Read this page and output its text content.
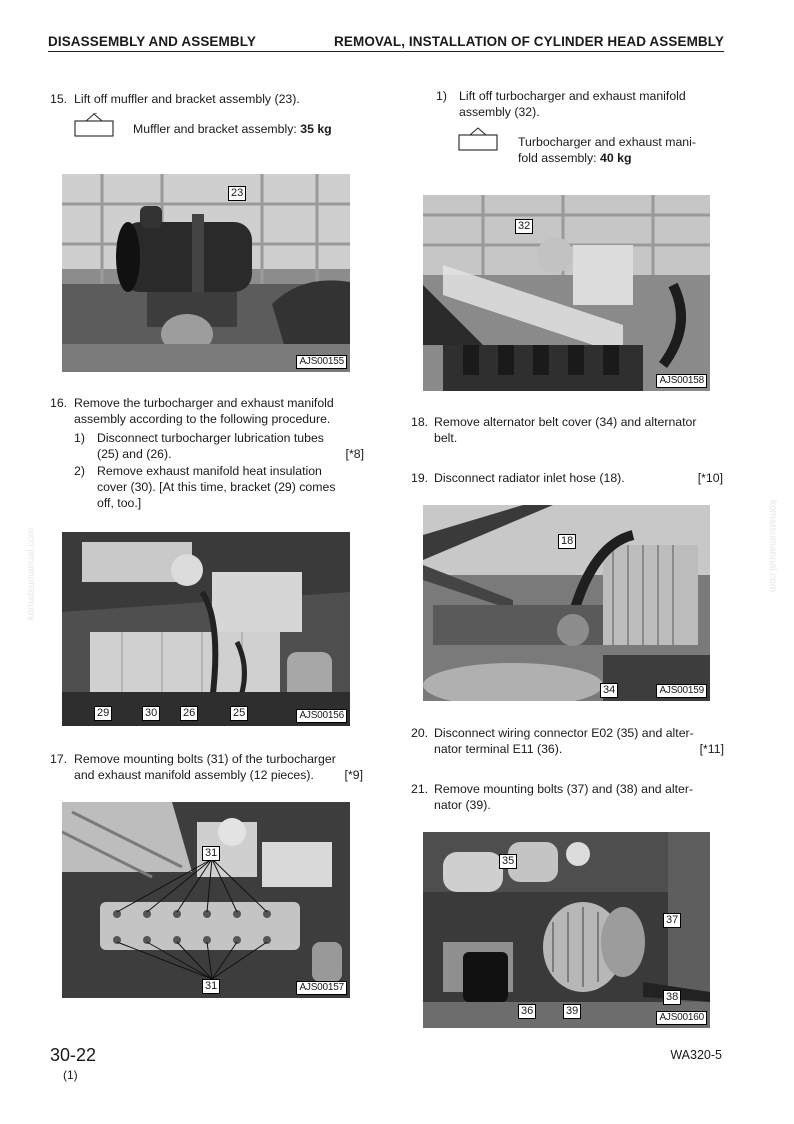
DISASSEMBLY AND ASSEMBLY	REMOVAL, INSTALLATION OF CYLINDER HEAD ASSEMBLY
komatsumanual.com	komatsumanual.com
15. Lift off muffler and bracket assembly (23).
Muffler and bracket assembly: 35 kg
23
AJS00155
16. Remove the turbocharger and exhaust manifold
assembly according to the following procedure.
1) Disconnect turbocharger lubrication tubes
(25) and (26).	[*8]
2) Remove exhaust manifold heat insulation
cover (30). [At this time, bracket (29) comes
off, too.]
29	30 26	25	AJS00156
17. Remove mounting bolts (31) of the turbocharger
and exhaust manifold assembly (12 pieces). [*9]
31
31	AJS00157
1) Lift off turbocharger and exhaust manifold
assembly (32).
Turbocharger and exhaust mani-
fold assembly: 40 kg
32
AJS00158
18. Remove alternator belt cover (34) and alternator
belt.
19. Disconnect radiator inlet hose (18).	[*10]
18
34	AJS00159
20. Disconnect wiring connector E02 (35) and alter-
nator terminal E11 (36).	[*11]
21. Remove mounting bolts (37) and (38) and alter-
nator (39).
35
37
38
36	39
AJS00160
30-22
(1)
WA320-5
